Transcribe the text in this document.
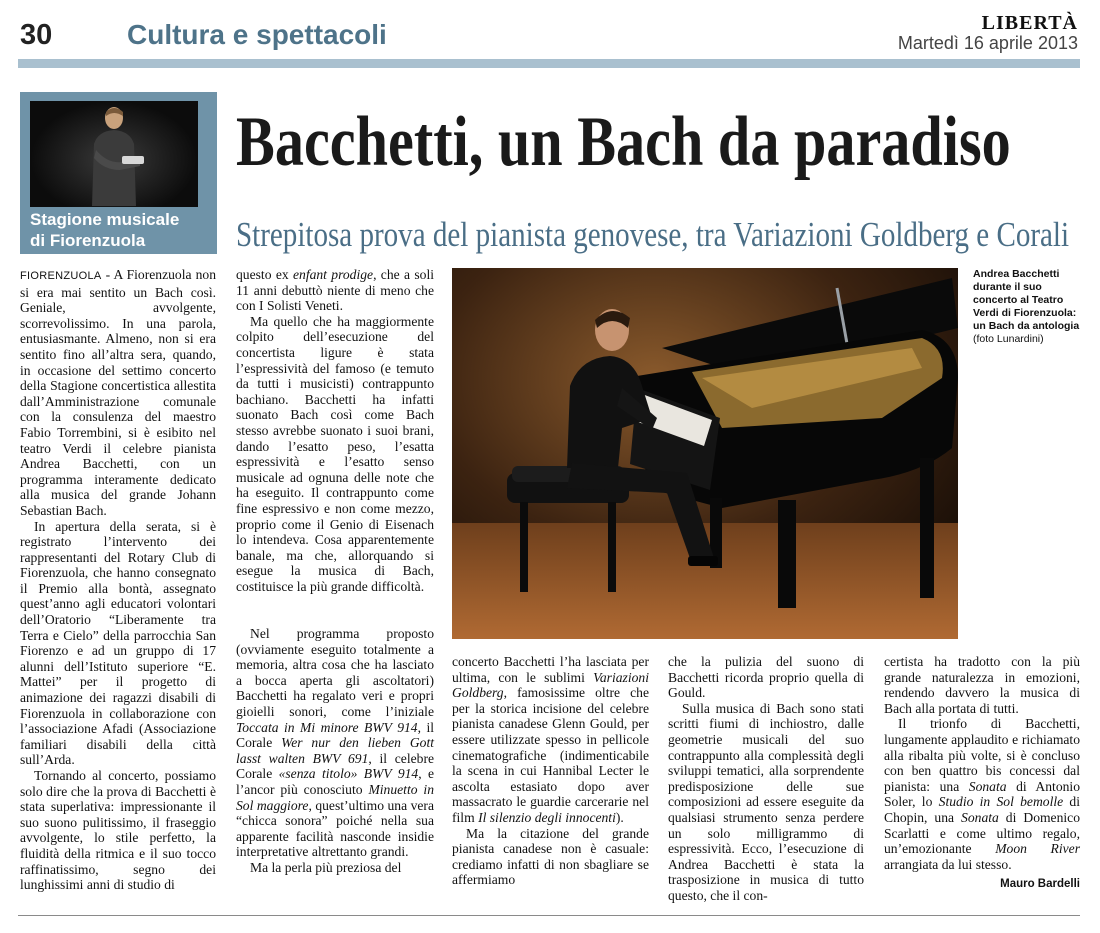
30	Cultura e spettacoli	LIBERTÀ
Martedì 16 aprile 2013
Stagione musicale
di Fiorenzuola
Bacchetti, un Bach da paradiso
Strepitosa prova del pianista genovese, tra Variazioni Goldberg e Corali
Andrea Bacchetti durante il suo concerto al Teatro Verdi di Fiorenzuola: un Bach da antologia (foto Lunardini)

FIORENZUOLA - A Fiorenzuola non si era mai sentito un Bach così. Geniale, avvolgente, scorrevolissimo. In una parola, entusiasmante. Almeno, non si era sentito fino all’altra sera, quando, in occasione del settimo concerto della Stagione concertistica allestita dall’Amministrazione comunale con la consulenza del maestro Fabio Torrembini, si è esibito nel teatro Verdi il celebre pianista Andrea Bacchetti, con un programma interamente dedicato alla musica del grande Johann Sebastian Bach.

In apertura della serata, si è registrato l’intervento dei rappresentanti del Rotary Club di Fiorenzuola, che hanno consegnato il Premio alla bontà, assegnato quest’anno agli educatori volontari dell’Oratorio “Liberamente tra Terra e Cielo” della parrocchia San Fiorenzo e ad un gruppo di 17 alunni dell’Istituto superiore “E. Mattei” per il progetto di animazione dei ragazzi disabili di Fiorenzuola in collaborazione con l’associazione Afadi (Associazione familiari disabili della città sull’Arda.

Tornando al concerto, possiamo solo dire che la prova di Bacchetti è stata superlativa: impressionante il suo suono pulitissimo, il fraseggio avvolgente, lo stile perfetto, la fluidità della ritmica e il suo tocco raffinatissimo, segno dei lunghissimi anni di studio di

questo ex enfant prodige, che a soli 11 anni debuttò niente di meno che con I Solisti Veneti.

Ma quello che ha maggiormente colpito dell’esecuzione del concertista ligure è stata l’espressività del famoso (e temuto da tutti i musicisti) contrappunto bachiano. Bacchetti ha infatti suonato Bach così come Bach stesso avrebbe suonato i suoi brani, dando l’esatto peso, l’esatta espressività e l’esatto senso musicale ad ognuna delle note che ha eseguito. Il contrappunto come fine espressivo e non come mezzo, proprio come il Genio di Eisenach lo intendeva. Cosa apparentemente banale, ma che, allorquando si esegue la musica di Bach, costituisce la più grande difficoltà.

Nel programma proposto (ovviamente eseguito totalmente a memoria, altra cosa che ha lasciato a bocca aperta gli ascoltatori) Bacchetti ha regalato veri e propri gioielli sonori, come l’iniziale Toccata in Mi minore BWV 914, il Corale Wer nur den lieben Gott lasst walten BWV 691, il celebre Corale «senza titolo» BWV 914, e l’ancor più conosciuto Minuetto in Sol maggiore, quest’ultimo una vera “chicca sonora” poiché nella sua apparente facilità nasconde insidie interpretative altrettanto grandi.

Ma la perla più preziosa del

concerto Bacchetti l’ha lasciata per ultima, con le sublimi Variazioni Goldberg, famosissime oltre che per la storica incisione del celebre pianista canadese Glenn Gould, per essere utilizzate spesso in pellicole cinematografiche (indimenticabile la scena in cui Hannibal Lecter le ascolta estasiato dopo aver massacrato le guardie carcerarie nel film Il silenzio degli innocenti).

Ma la citazione del grande pianista canadese non è casuale: crediamo infatti di non sbagliare se affermiamo

che la pulizia del suono di Bacchetti ricorda proprio quella di Gould.

Sulla musica di Bach sono stati scritti fiumi di inchiostro, dalle geometrie musicali del suo contrappunto alla complessità degli sviluppi tematici, alla sorprendente predisposizione delle sue composizioni ad essere eseguite da qualsiasi strumento senza perdere un solo milligrammo di espressività. Ecco, l’esecuzione di Andrea Bacchetti è stata la trasposizione in musica di tutto questo, che il con-

certista ha tradotto con la più grande naturalezza in emozioni, rendendo davvero la musica di Bach alla portata di tutti.

Il trionfo di Bacchetti, lungamente applaudito e richiamato alla ribalta più volte, si è concluso con ben quattro bis concessi dal pianista: una Sonata di Antonio Soler, lo Studio in Sol bemolle di Chopin, una Sonata di Domenico Scarlatti e come ultimo regalo, un’emozionante Moon River arrangiata da lui stesso.

Mauro Bardelli
